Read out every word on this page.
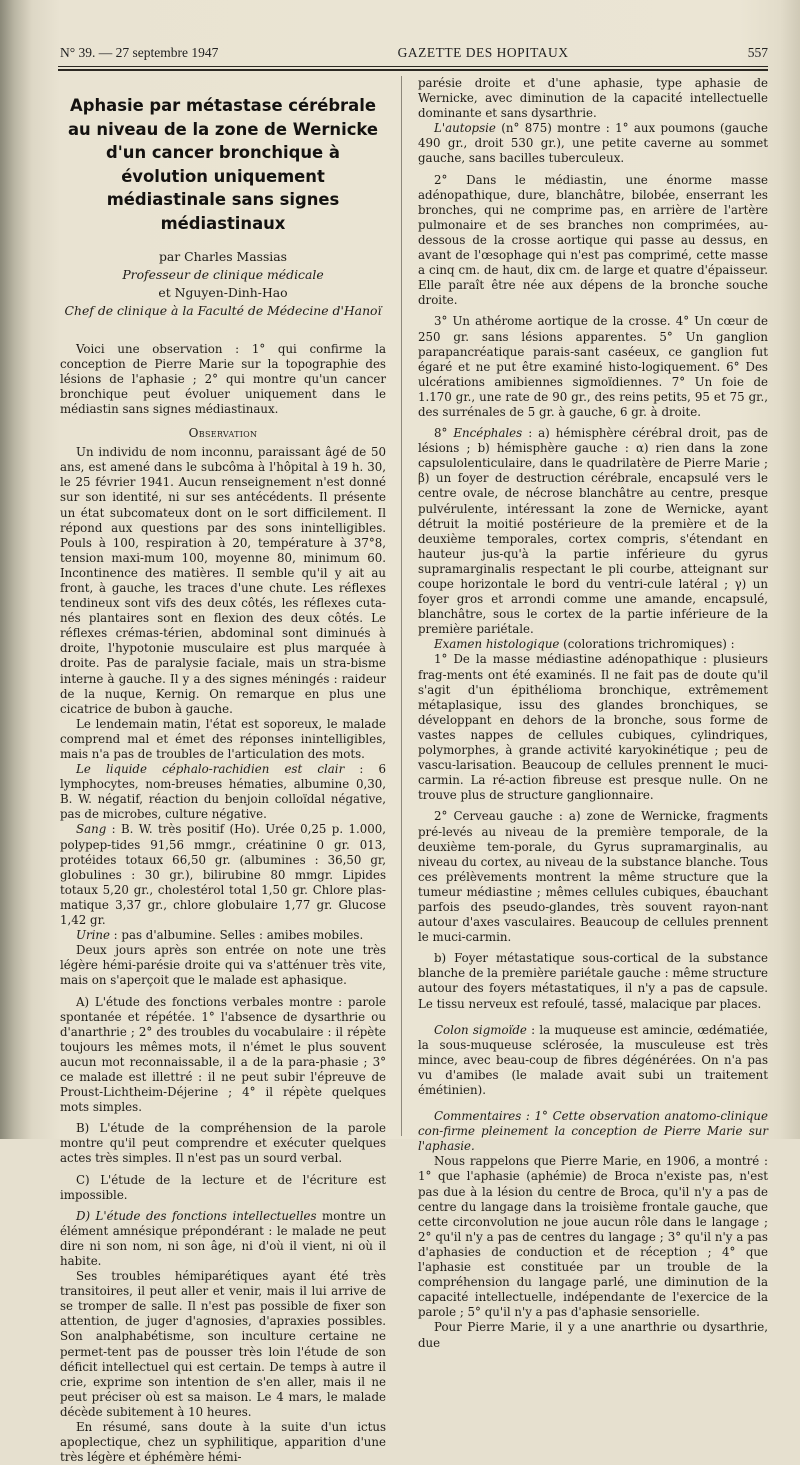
N° 39. — 27 septembre 1947	GAZETTE DES HOPITAUX	557
Aphasie par métastase cérébrale au niveau de la zone de Wernicke d'un cancer bronchique à évolution uniquement médiastinale sans signes médiastinaux
par Charles Massias
Professeur de clinique médicale
et Nguyen-Dinh-Hao
Chef de clinique à la Faculté de Médecine d'Hanoï

Voici une observation : 1° qui confirme la conception de Pierre Marie sur la topographie des lésions de l'aphasie ; 2° qui montre qu'un cancer bronchique peut évoluer uniquement dans le médiastin sans signes médiastinaux.

Observation

Un individu de nom inconnu, paraissant âgé de 50 ans, est amené dans le subcôma à l'hôpital à 19 h. 30, le 25 février 1941. Aucun renseignement n'est donné sur son identité, ni sur ses antécédents. Il présente un état subcomateux dont on le sort difficilement. Il répond aux questions par des sons inintelligibles. Pouls à 100, respiration à 20, température à 37°8, tension maxi-mum 100, moyenne 80, minimum 60. Incontinence des matières. Il semble qu'il y ait au front, à gauche, les traces d'une chute. Les réflexes tendineux sont vifs des deux côtés, les réflexes cuta-nés plantaires sont en flexion des deux côtés. Le réflexes crémas-térien, abdominal sont diminués à droite, l'hypotonie musculaire est plus marquée à droite. Pas de paralysie faciale, mais un stra-bisme interne à gauche. Il y a des signes méningés : raideur de la nuque, Kernig. On remarque en plus une cicatrice de bubon à gauche.

Le lendemain matin, l'état est soporeux, le malade comprend mal et émet des réponses inintelligibles, mais n'a pas de troubles de l'articulation des mots.

Le liquide céphalo-rachidien est clair : 6 lymphocytes, nom-breuses hématies, albumine 0,30, B. W. négatif, réaction du benjoin colloïdal négative, pas de microbes, culture négative.

Sang : B. W. très positif (Ho). Urée 0,25 p. 1.000, polypep-tides 91,56 mmgr., créatinine 0 gr. 013, protéides totaux 66,50 gr. (albumines : 36,50 gr, globulines : 30 gr.), bilirubine 80 mmgr. Lipides totaux 5,20 gr., cholestérol total 1,50 gr. Chlore plas-matique 3,37 gr., chlore globulaire 1,77 gr. Glucose 1,42 gr.

Urine : pas d'albumine. Selles : amibes mobiles.

Deux jours après son entrée on note une très légère hémi-parésie droite qui va s'atténuer très vite, mais on s'aperçoit que le malade est aphasique.

A) L'étude des fonctions verbales montre : parole spontanée et répétée. 1° l'absence de dysarthrie ou d'anarthrie ; 2° des troubles du vocabulaire : il répète toujours les mêmes mots, il n'émet le plus souvent aucun mot reconnaissable, il a de la para-phasie ; 3° ce malade est illettré : il ne peut subir l'épreuve de Proust-Lichtheim-Déjerine ; 4° il répète quelques mots simples.

B) L'étude de la compréhension de la parole montre qu'il peut comprendre et exécuter quelques actes très simples. Il n'est pas un sourd verbal.

C) L'étude de la lecture et de l'écriture est impossible.

D) L'étude des fonctions intellectuelles montre un élément amnésique prépondérant : le malade ne peut dire ni son nom, ni son âge, ni d'où il vient, ni où il habite.

Ses troubles hémiparétiques ayant été très transitoires, il peut aller et venir, mais il lui arrive de se tromper de salle. Il n'est pas possible de fixer son attention, de juger d'agnosies, d'apraxies possibles. Son analphabétisme, son inculture certaine ne permet-tent pas de pousser très loin l'étude de son déficit intellectuel qui est certain. De temps à autre il crie, exprime son intention de s'en aller, mais il ne peut préciser où est sa maison. Le 4 mars, le malade décède subitement à 10 heures.

En résumé, sans doute à la suite d'un ictus apoplectique, chez un syphilitique, apparition d'une très légère et éphémère hémi-

parésie droite et d'une aphasie, type aphasie de Wernicke, avec diminution de la capacité intellectuelle dominante et sans dysarthrie.

L'autopsie (n° 875) montre : 1° aux poumons (gauche 490 gr., droit 530 gr.), une petite caverne au sommet gauche, sans bacilles tuberculeux.

2° Dans le médiastin, une énorme masse adénopathique, dure, blanchâtre, bilobée, enserrant les bronches, qui ne comprime pas, en arrière de l'artère pulmonaire et de ses branches non comprimées, au-dessous de la crosse aortique qui passe au dessus, en avant de l'œsophage qui n'est pas comprimé, cette masse a cinq cm. de haut, dix cm. de large et quatre d'épaisseur. Elle paraît être née aux dépens de la bronche souche droite.

3° Un athérome aortique de la crosse. 4° Un cœur de 250 gr. sans lésions apparentes. 5° Un ganglion parapancréatique parais-sant caséeux, ce ganglion fut égaré et ne put être examiné histo-logiquement. 6° Des ulcérations amibiennes sigmoïdiennes. 7° Un foie de 1.170 gr., une rate de 90 gr., des reins petits, 95 et 75 gr., des surrénales de 5 gr. à gauche, 6 gr. à droite.

8° Encéphales : a) hémisphère cérébral droit, pas de lésions ; b) hémisphère gauche : α) rien dans la zone capsulolenticulaire, dans le quadrilatère de Pierre Marie ; β) un foyer de destruction cérébrale, encapsulé vers le centre ovale, de nécrose blanchâtre au centre, presque pulvérulente, intéressant la zone de Wernicke, ayant détruit la moitié postérieure de la première et de la deuxième temporales, cortex compris, s'étendant en hauteur jus-qu'à la partie inférieure du gyrus supramarginalis respectant le pli courbe, atteignant sur coupe horizontale le bord du ventri-cule latéral ; γ) un foyer gros et arrondi comme une amande, encapsulé, blanchâtre, sous le cortex de la partie inférieure de la première pariétale.

Examen histologique (colorations trichromiques) :

1° De la masse médiastine adénopathique : plusieurs frag-ments ont été examinés. Il ne fait pas de doute qu'il s'agit d'un épithélioma bronchique, extrêmement métaplasique, issu des glandes bronchiques, se développant en dehors de la bronche, sous forme de vastes nappes de cellules cubiques, cylindriques, polymorphes, à grande activité karyokinétique ; peu de vascu-larisation. Beaucoup de cellules prennent le muci-carmin. La ré-action fibreuse est presque nulle. On ne trouve plus de structure ganglionnaire.

2° Cerveau gauche : a) zone de Wernicke, fragments pré-levés au niveau de la première temporale, de la deuxième tem-porale, du Gyrus supramarginalis, au niveau du cortex, au niveau de la substance blanche. Tous ces prélèvements montrent la même structure que la tumeur médiastine ; mêmes cellules cubiques, ébauchant parfois des pseudo-glandes, très souvent rayon-nant autour d'axes vasculaires. Beaucoup de cellules prennent le muci-carmin.

b) Foyer métastatique sous-cortical de la substance blanche de la première pariétale gauche : même structure autour des foyers métastatiques, il n'y a pas de capsule. Le tissu nerveux est refoulé, tassé, malacique par places.

Colon sigmoïde : la muqueuse est amincie, œdématiée, la sous-muqueuse sclérosée, la musculeuse est très mince, avec beau-coup de fibres dégénérées. On n'a pas vu d'amibes (le malade avait subi un traitement émétinien).

Commentaires : 1° Cette observation anatomo-clinique con-firme pleinement la conception de Pierre Marie sur l'aphasie.

Nous rappelons que Pierre Marie, en 1906, a montré : 1° que l'aphasie (aphémie) de Broca n'existe pas, n'est pas due à la lésion du centre de Broca, qu'il n'y a pas de centre du langage dans la troisième frontale gauche, que cette circonvolution ne joue aucun rôle dans le langage ; 2° qu'il n'y a pas de centres du langage ; 3° qu'il n'y a pas d'aphasies de conduction et de réception ; 4° que l'aphasie est constituée par un trouble de la compréhension du langage parlé, une diminution de la capacité intellectuelle, indépendante de l'exercice de la parole ; 5° qu'il n'y a pas d'aphasie sensorielle.

Pour Pierre Marie, il y a une anarthrie ou dysarthrie, due
